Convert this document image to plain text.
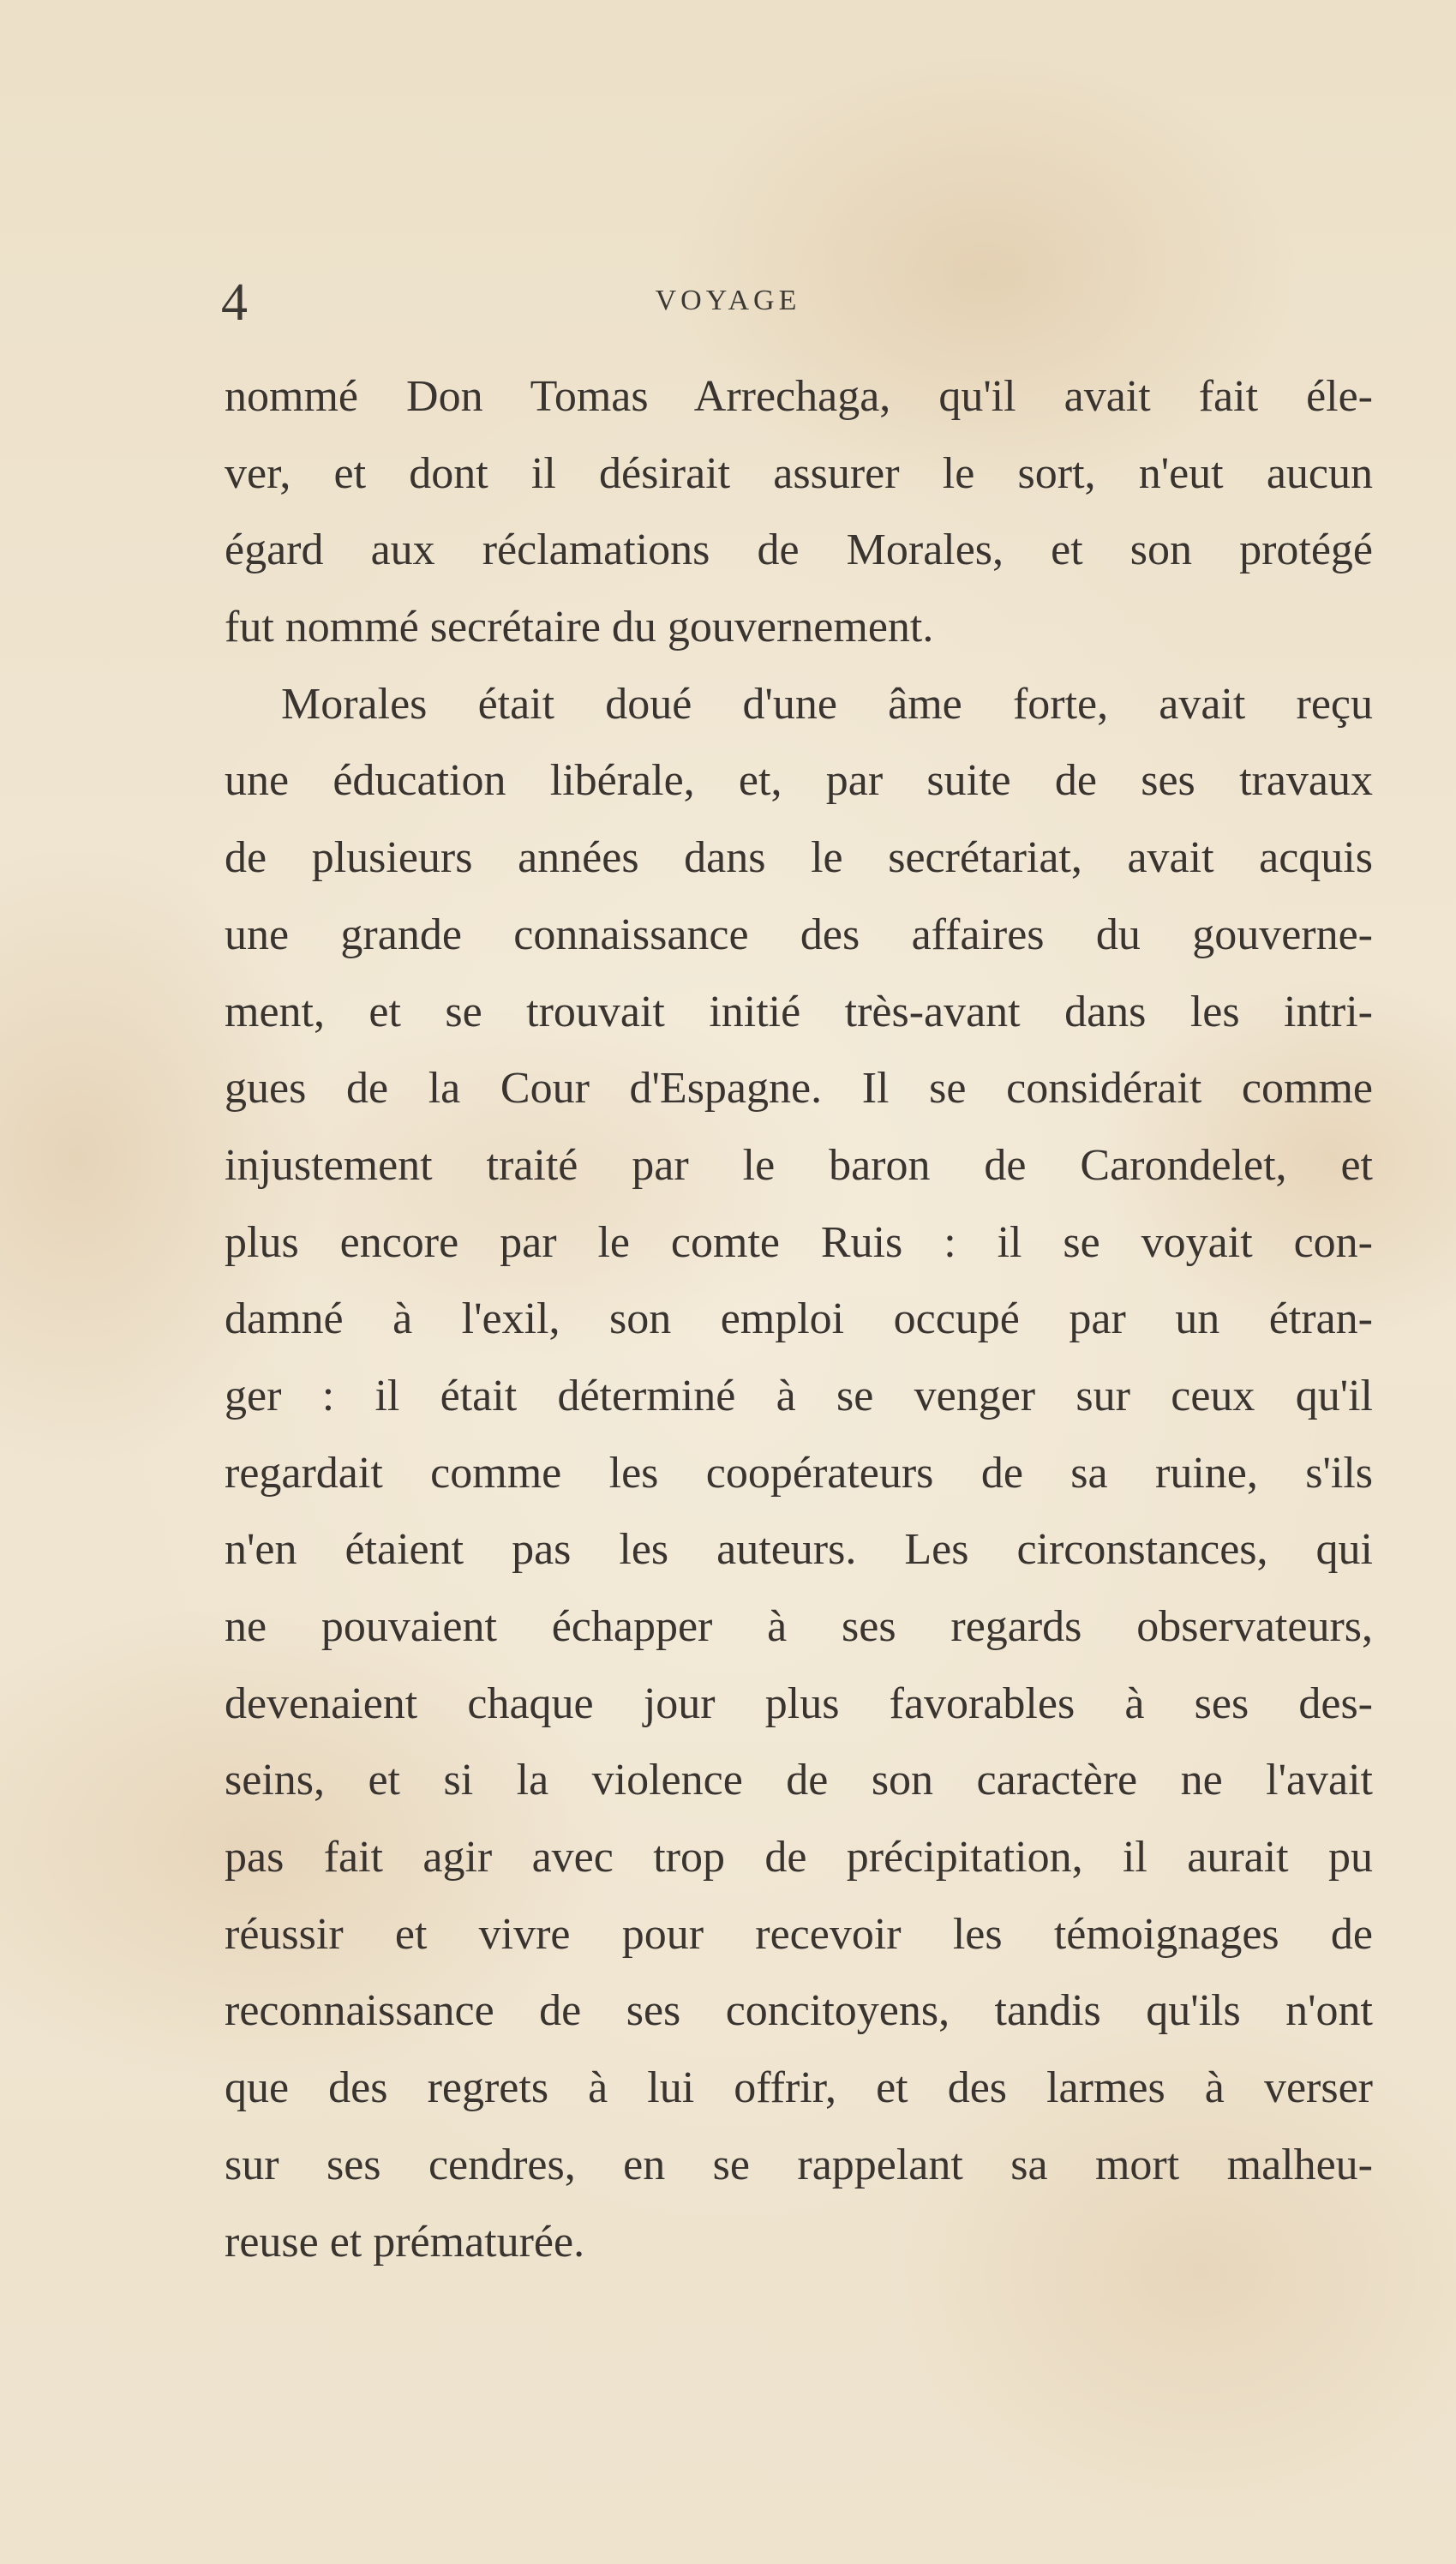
4	VOYAGE
nommé Don Tomas Arrechaga, qu'il avait fait éle-
ver, et dont il désirait assurer le sort, n'eut aucun
égard aux réclamations de Morales, et son protégé
fut nommé secrétaire du gouvernement.
Morales était doué d'une âme forte, avait reçu
une éducation libérale, et, par suite de ses travaux
de plusieurs années dans le secrétariat, avait acquis
une grande connaissance des affaires du gouverne-
ment, et se trouvait initié très-avant dans les intri-
gues de la Cour d'Espagne. Il se considérait comme
injustement traité par le baron de Carondelet, et
plus encore par le comte Ruis : il se voyait con-
damné à l'exil, son emploi occupé par un étran-
ger : il était déterminé à se venger sur ceux qu'il
regardait comme les coopérateurs de sa ruine, s'ils
n'en étaient pas les auteurs. Les circonstances, qui
ne pouvaient échapper à ses regards observateurs,
devenaient chaque jour plus favorables à ses des-
seins, et si la violence de son caractère ne l'avait
pas fait agir avec trop de précipitation, il aurait pu
réussir et vivre pour recevoir les témoignages de
reconnaissance de ses concitoyens, tandis qu'ils n'ont
que des regrets à lui offrir, et des larmes à verser
sur ses cendres, en se rappelant sa mort malheu-
reuse et prématurée.
